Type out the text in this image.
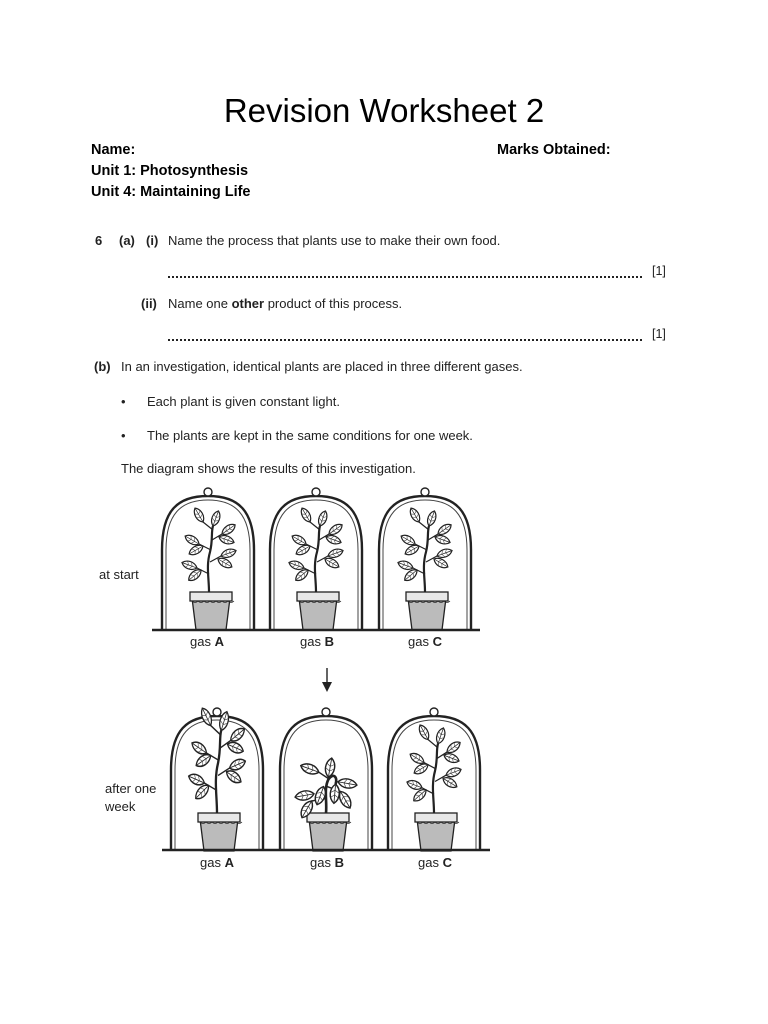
Revision Worksheet 2
Name:	Marks Obtained:
Unit 1: Photosynthesis
Unit 4: Maintaining Life
6 (a) (i) Name the process that plants use to make their own food.
[1]
(ii) Name one other product of this process.
[1]
(b) In an investigation, identical plants are placed in three different gases.
• Each plant is given constant light.
• The plants are kept in the same conditions for one week.
The diagram shows the results of this investigation.
at start
after one
week
gas A	gas B	gas C
gas A	gas B	gas C
